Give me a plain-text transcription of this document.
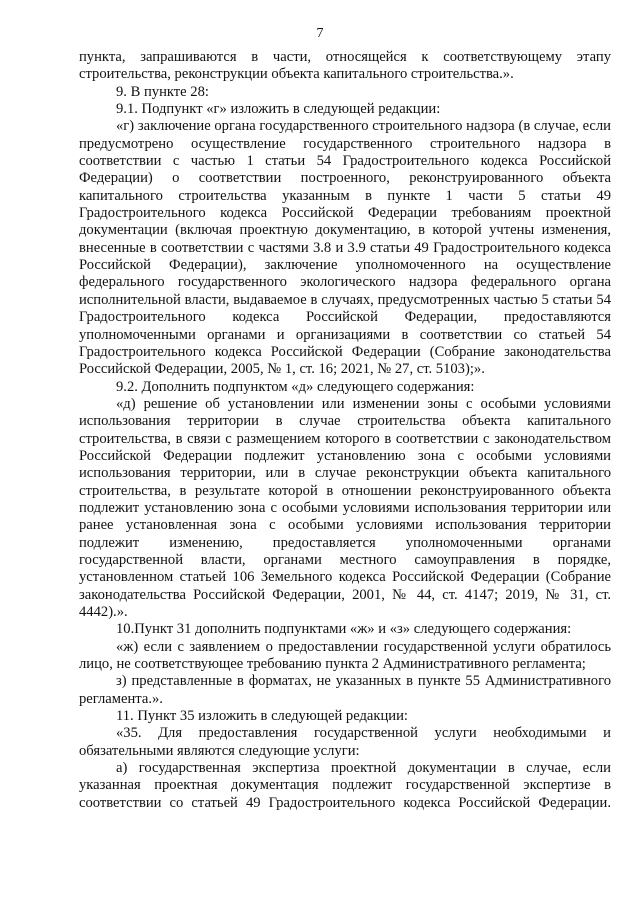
7

пункта, запрашиваются в части, относящейся к соответствующему этапу строительства, реконструкции объекта капитального строительства.».

9. В пункте 28:

9.1. Подпункт «г» изложить в следующей редакции:

«г) заключение органа государственного строительного надзора (в случае, если предусмотрено осуществление государственного строительного надзора в соответствии с частью 1 статьи 54 Градостроительного кодекса Российской Федерации) о соответствии построенного, реконструированного объекта капитального строительства указанным в пункте 1 части 5 статьи 49 Градостроительного кодекса Российской Федерации требованиям проектной документации (включая проектную документацию, в которой учтены изменения, внесенные в соответствии с частями 3.8 и 3.9 статьи 49 Градостроительного кодекса Российской Федерации), заключение уполномоченного на осуществление федерального государственного экологического надзора федерального органа исполнительной власти, выдаваемое в случаях, предусмотренных частью 5 статьи 54 Градостроительного кодекса Российской Федерации, предоставляются уполномоченными органами и организациями в соответствии со статьей 54 Градостроительного кодекса Российской Федерации (Собрание законодательства Российской Федерации, 2005, № 1, ст. 16; 2021, № 27, ст. 5103);».

9.2. Дополнить подпунктом «д» следующего содержания:

«д) решение об установлении или изменении зоны с особыми условиями использования территории в случае строительства объекта капитального строительства, в связи с размещением которого в соответствии с законодательством Российской Федерации подлежит установлению зона с особыми условиями использования территории, или в случае реконструкции объекта капитального строительства, в результате которой в отношении реконструированного объекта подлежит установлению зона с особыми условиями использования территории или ранее установленная зона с особыми условиями использования территории подлежит изменению, предоставляется уполномоченными органами государственной власти, органами местного самоуправления в порядке, установленном статьей 106 Земельного кодекса Российской Федерации (Собрание законодательства Российской Федерации, 2001, № 44, ст. 4147; 2019, № 31, ст. 4442).».

10.Пункт 31 дополнить подпунктами «ж» и «з» следующего содержания:

«ж) если с заявлением о предоставлении государственной услуги обратилось лицо, не соответствующее требованию пункта 2 Административного регламента;

з) представленные в форматах, не указанных в пункте 55 Административного регламента.».

11. Пункт 35 изложить в следующей редакции:

«35. Для предоставления государственной услуги необходимыми и обязательными являются следующие услуги:

а) государственная экспертиза проектной документации в случае, если указанная проектная документация подлежит государственной экспертизе в соответствии со статьей 49 Градостроительного кодекса Российской Федерации.
